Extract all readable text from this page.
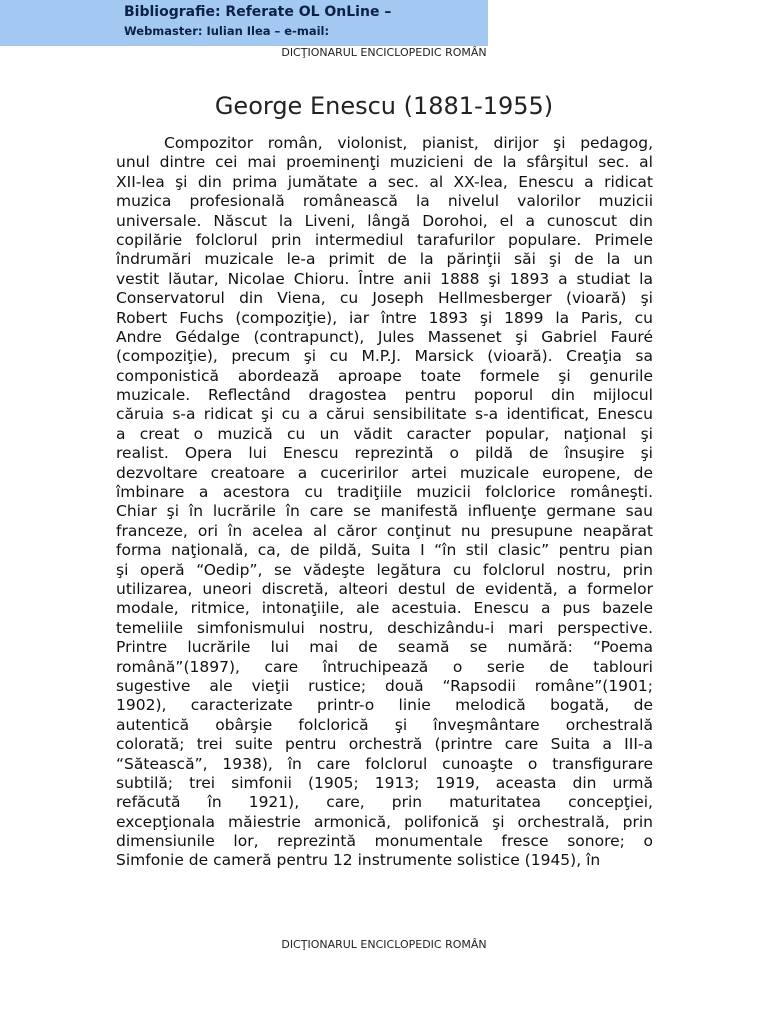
Bibliografie: Referate OL OnLine –
Webmaster: Iulian Ilea – e-mail:
DICŢIONARUL ENCICLOPEDIC ROMÂN
George Enescu (1881-1955)
Compozitor român, violonist, pianist, dirijor şi pedagog,
unul dintre cei mai proeminenţi muzicieni de la sfârşitul sec. al
XII-lea şi din prima jumătate a sec. al XX-lea, Enescu a ridicat
muzica profesională românească la nivelul valorilor muzicii
universale. Născut la Liveni, lângă Dorohoi, el a cunoscut din
copilărie folclorul prin intermediul tarafurilor populare. Primele
îndrumări muzicale le-a primit de la părinţii săi şi de la un
vestit lăutar, Nicolae Chioru. Între anii 1888 şi 1893 a studiat la
Conservatorul din Viena, cu Joseph Hellmesberger (vioară) şi
Robert Fuchs (compoziţie), iar între 1893 şi 1899 la Paris, cu
Andre Gédalge (contrapunct), Jules Massenet şi Gabriel Fauré
(compoziţie), precum şi cu M.P.J. Marsick (vioară). Creaţia sa
componistică abordează aproape toate formele şi genurile
muzicale. Reflectând dragostea pentru poporul din mijlocul
căruia s-a ridicat şi cu a cărui sensibilitate s-a identificat, Enescu
a creat o muzică cu un vădit caracter popular, naţional şi
realist. Opera lui Enescu reprezintă o pildă de însuşire şi
dezvoltare creatoare a cuceririlor artei muzicale europene, de
îmbinare a acestora cu tradiţiile muzicii folclorice româneşti.
Chiar şi în lucrările în care se manifestă influenţe germane sau
franceze, ori în acelea al căror conţinut nu presupune neapărat
forma naţională, ca, de pildă, Suita I “în stil clasic” pentru pian
şi operă “Oedip”, se vădeşte legătura cu folclorul nostru, prin
utilizarea, uneori discretă, alteori destul de evidentă, a formelor
modale, ritmice, intonaţiile, ale acestuia. Enescu a pus bazele
temeliile simfonismului nostru, deschizându-i mari perspective.
Printre lucrările lui mai de seamă se numără: “Poema
română”(1897), care întruchipează o serie de tablouri
sugestive ale vieţii rustice; două “Rapsodii române”(1901;
1902), caracterizate printr-o linie melodică bogată, de
autentică obârşie folclorică şi înveşmântare orchestrală
colorată; trei suite pentru orchestră (printre care Suita a III-a
“Sătească”, 1938), în care folclorul cunoaşte o transfigurare
subtilă; trei simfonii (1905; 1913; 1919, aceasta din urmă
refăcută în 1921), care, prin maturitatea concepţiei,
excepţionala măiestrie armonică, polifonică şi orchestrală, prin
dimensiunile lor, reprezintă monumentale fresce sonore; o
Simfonie de cameră pentru 12 instrumente solistice (1945), în
DICŢIONARUL ENCICLOPEDIC ROMÂN
